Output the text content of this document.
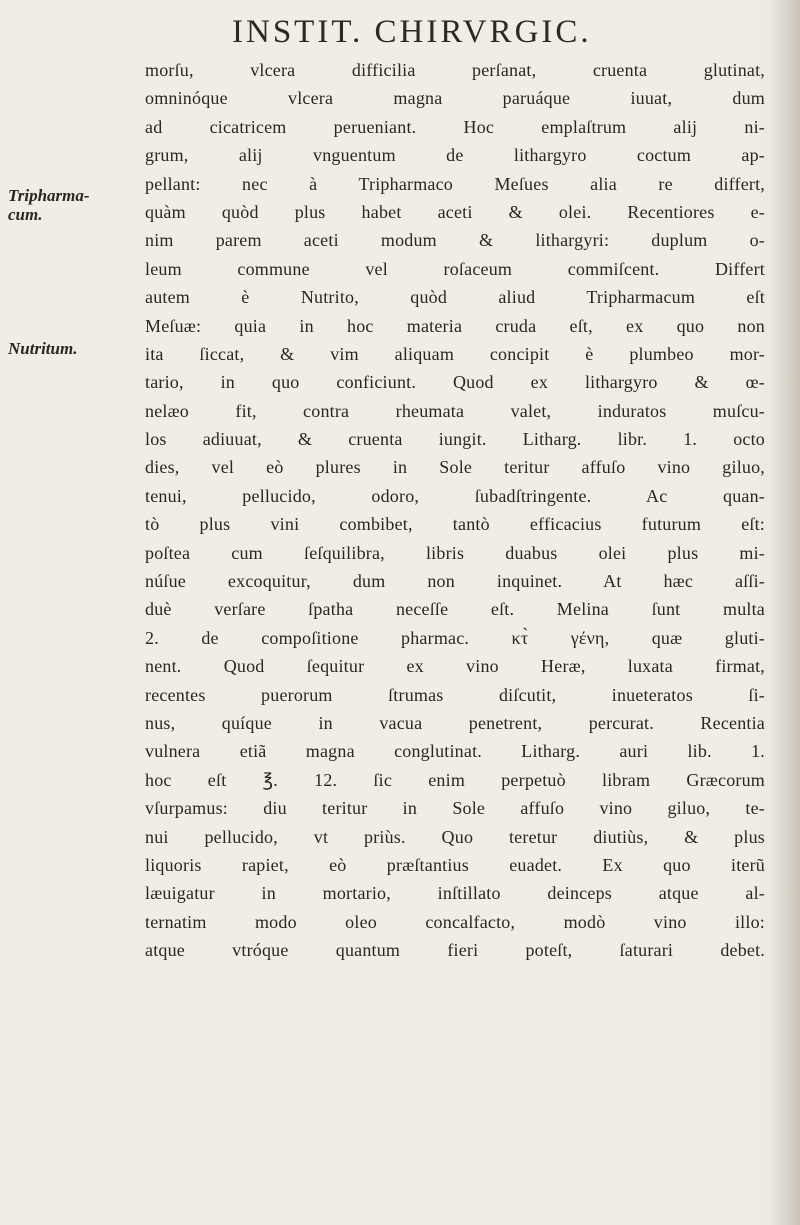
INSTIT. CHIRVRGIC.
Tripharma-
cum.
Nutritum.
morſu, vlcera difficilia perſanat, cruenta glutinat,
omninóque vlcera magna paruáque iuuat, dum
ad cicatricem perueniant. Hoc emplaſtrum alij ni-
grum, alij vnguentum de lithargyro coctum ap-
pellant: nec à Tripharmaco Meſues alia re differt,
quàm quòd plus habet aceti & olei. Recentiores e-
nim parem aceti modum & lithargyri: duplum o-
leum commune vel roſaceum commiſcent. Differt
autem è Nutrito, quòd aliud Tripharmacum eſt
Meſuæ: quia in hoc materia cruda eſt, ex quo non
ita ſiccat, & vim aliquam concipit è plumbeo mor-
tario, in quo conficiunt. Quod ex lithargyro & œ-
nelæo fit, contra rheumata valet, induratos muſcu-
los adiuuat, & cruenta iungit. Litharg. libr. 1. octo
dies, vel eò plures in Sole teritur affuſo vino giluo,
tenui, pellucido, odoro, ſubadſtringente. Ac quan-
tò plus vini combibet, tantò efficacius futurum eſt:
poſtea cum ſeſquilibra, libris duabus olei plus mi-
núſue excoquitur, dum non inquinet. At hæc aſſi-
duè verſare ſpatha neceſſe eſt. Melina ſunt multa
2. de compoſitione pharmac. κτ̀ γένη, quæ gluti-
nent. Quod ſequitur ex vino Heræ, luxata firmat,
recentes puerorum ſtrumas diſcutit, inueteratos ſi-
nus, quíque in vacua penetrent, percurat. Recentia
vulnera etiã magna conglutinat. Litharg. auri lib. 1.
hoc eſt ℥. 12. ſic enim perpetuò libram Græcorum
vſurpamus: diu teritur in Sole affuſo vino giluo, te-
nui pellucido, vt priùs. Quo teretur diutiùs, & plus
liquoris rapiet, eò præſtantius euadet. Ex quo iterũ
læuigatur in mortario, inſtillato deinceps atque al-
ternatim modo oleo concalfacto, modò vino illo:
atque vtróque quantum fieri poteſt, ſaturari debet.
